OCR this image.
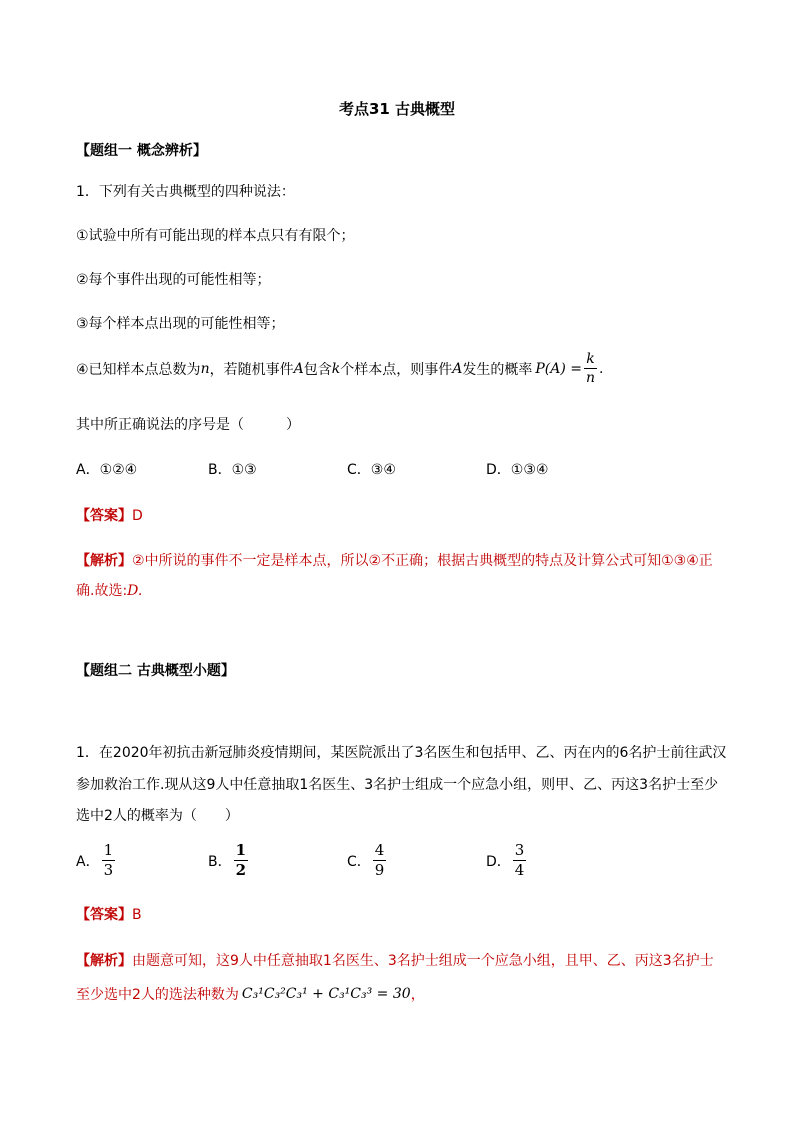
考点31 古典概型
【题组一 概念辨析】
1．下列有关古典概型的四种说法：
①试验中所有可能出现的样本点只有有限个；
②每个事件出现的可能性相等；
③每个样本点出现的可能性相等；
④已知样本点总数为 n ，若随机事件 A 包含 k 个样本点，则事件 A 发生的概率 $P(A) = \frac{k}{n}$ .
其中所正确说法的序号是（　　　）
A．①②④	B．①③	C．③④	D．①③④
【答案】D
【解析】②中所说的事件不一定是样本点，所以②不正确；根据古典概型的特点及计算公式可知①③④正
确.故选:D.
【题组二 古典概型小题】
1．在2020年初抗击新冠肺炎疫情期间，某医院派出了3名医生和包括甲、乙、丙在内的6名护士前往武汉
参加救治工作.现从这9人中任意抽取1名医生、3名护士组成一个应急小组，则甲、乙、丙这3名护士至少
选中2人的概率为（　　）
A． $\frac{1}{3}$	B． $\frac{1}{2}$	C． $\frac{4}{9}$	D． $\frac{3}{4}$
【答案】B
【解析】由题意可知，这9人中任意抽取1名医生、3名护士组成一个应急小组，且甲、乙、丙这3名护士
至少选中2人的选法种数为 C₃¹C₃²C₃¹ + C₃¹C₃³ = 30 ，
